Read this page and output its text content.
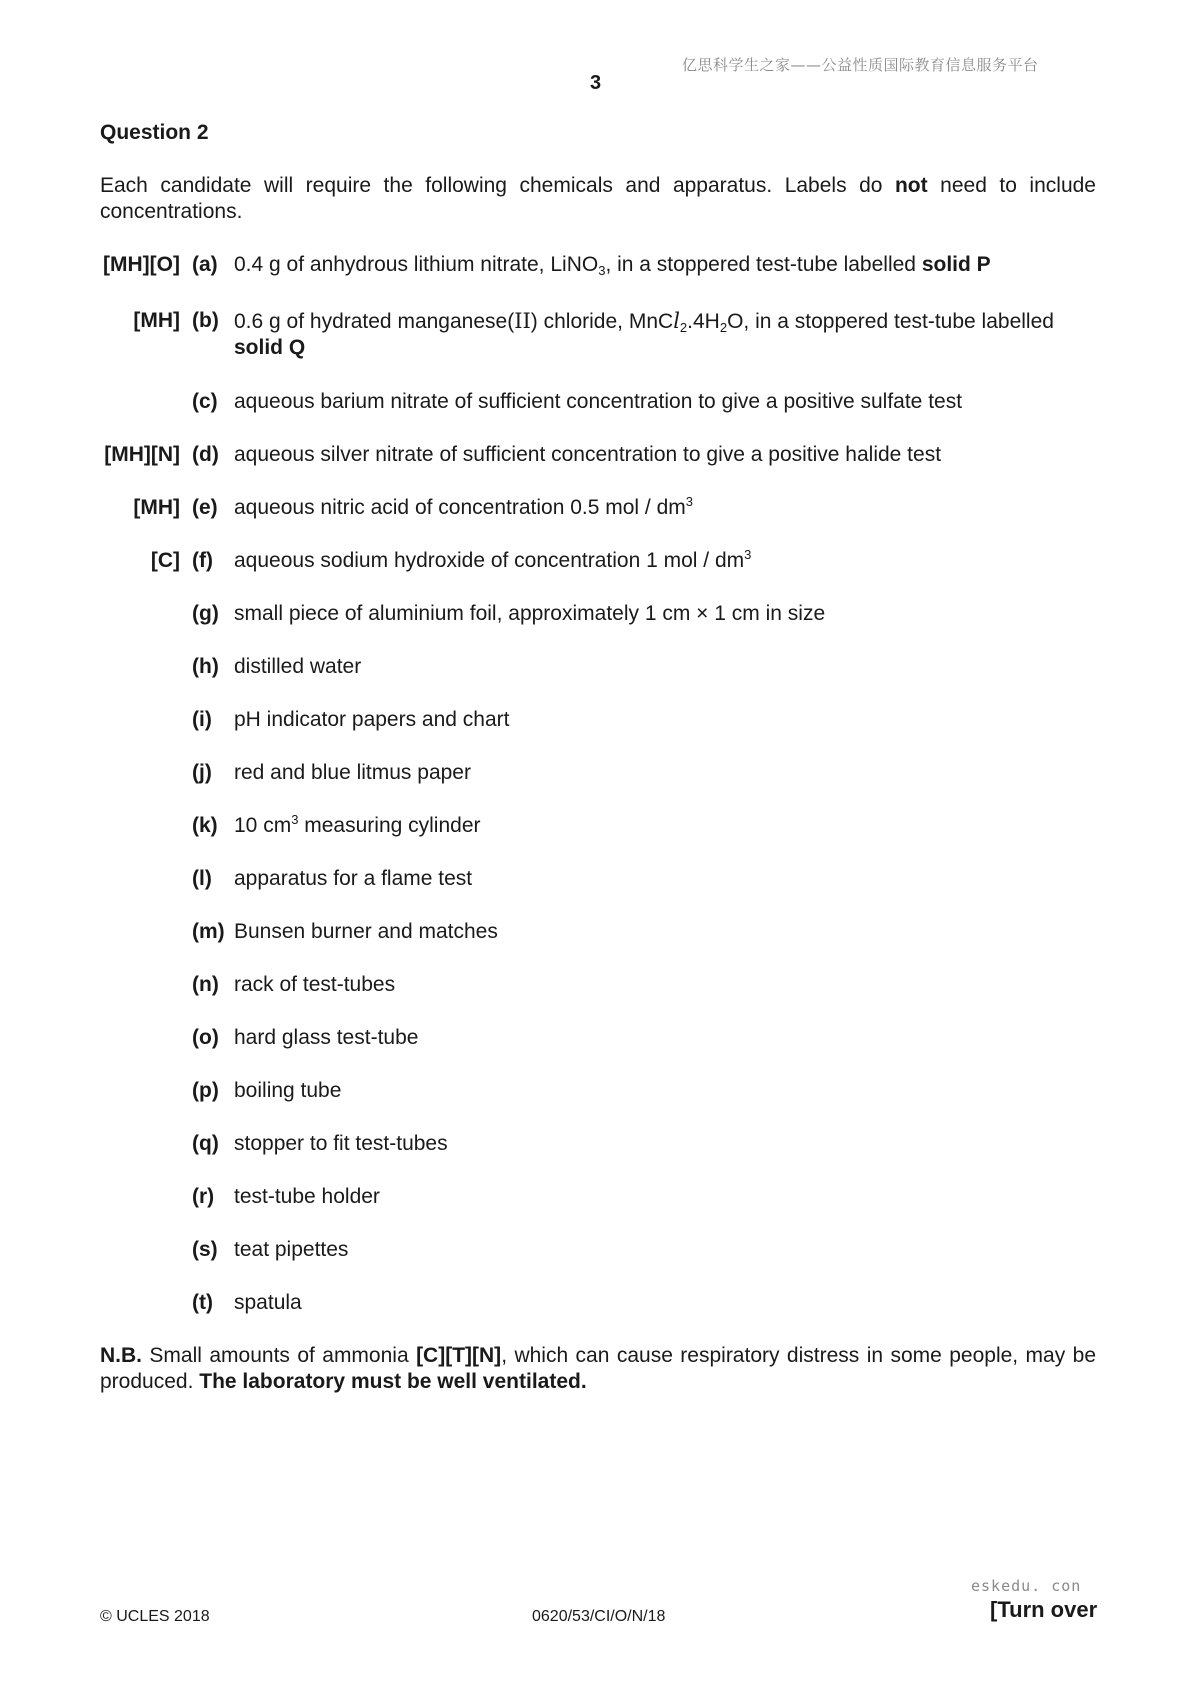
亿思科学生之家——公益性质国际教育信息服务平台
3
Question 2
Each candidate will require the following chemicals and apparatus. Labels do not need to include concentrations.
[MH][O] (a) 0.4 g of anhydrous lithium nitrate, LiNO$_3$, in a stoppered test-tube labelled solid P
[MH] (b) 0.6 g of hydrated manganese(II) chloride, $MnCl_2.4H_2O$, in a stoppered test-tube labelled solid Q
(c) aqueous barium nitrate of sufficient concentration to give a positive sulfate test
[MH][N] (d) aqueous silver nitrate of sufficient concentration to give a positive halide test
[MH] (e) aqueous nitric acid of concentration 0.5 mol / $dm^3$
[C] (f) aqueous sodium hydroxide of concentration 1 mol / $dm^3$
(g) small piece of aluminium foil, approximately 1 cm × 1 cm in size
(h) distilled water
(i) pH indicator papers and chart
(j) red and blue litmus paper
(k) 10 $cm^3$ measuring cylinder
(l) apparatus for a flame test
(m) Bunsen burner and matches
(n) rack of test-tubes
(o) hard glass test-tube
(p) boiling tube
(q) stopper to fit test-tubes
(r) test-tube holder
(s) teat pipettes
(t) spatula
N.B. Small amounts of ammonia [C][T][N], which can cause respiratory distress in some people, may be produced. The laboratory must be well ventilated.
eskedu. con
© UCLES 2018	0620/53/CI/O/N/18	[Turn over
